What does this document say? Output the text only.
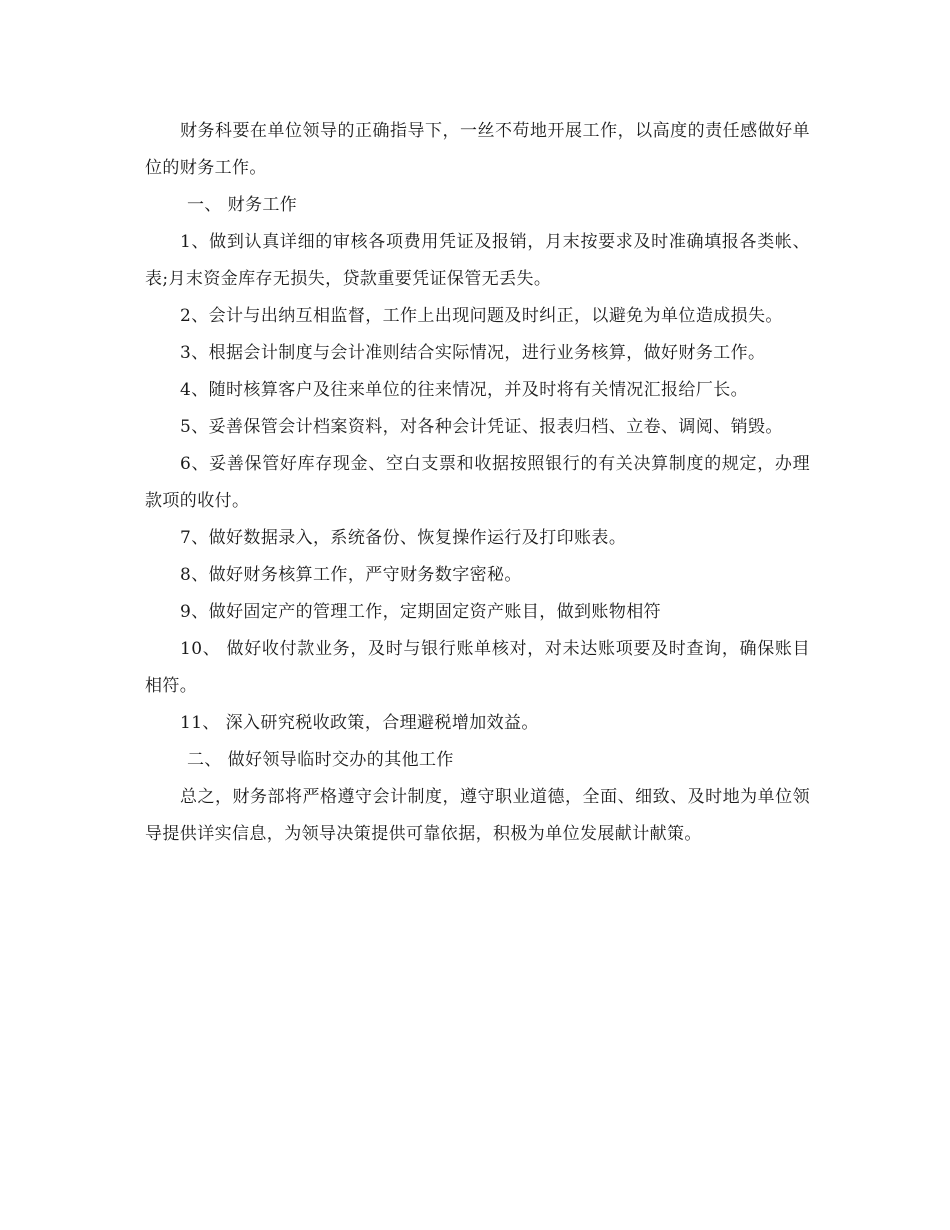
财务科要在单位领导的正确指导下，一丝不苟地开展工作，以高度的责任感做好单位的财务工作。

一、 财务工作

1、做到认真详细的审核各项费用凭证及报销，月末按要求及时准确填报各类帐、表;月末资金库存无损失，贷款重要凭证保管无丢失。

2、会计与出纳互相监督，工作上出现问题及时纠正，以避免为单位造成损失。

3、根据会计制度与会计准则结合实际情况，进行业务核算，做好财务工作。

4、随时核算客户及往来单位的往来情况，并及时将有关情况汇报给厂长。

5、妥善保管会计档案资料，对各种会计凭证、报表归档、立卷、调阅、销毁。

6、妥善保管好库存现金、空白支票和收据按照银行的有关决算制度的规定，办理款项的收付。

7、做好数据录入，系统备份、恢复操作运行及打印账表。

8、做好财务核算工作，严守财务数字密秘。

9、做好固定产的管理工作，定期固定资产账目，做到账物相符

10、 做好收付款业务，及时与银行账单核对，对未达账项要及时查询，确保账目相符。

11、 深入研究税收政策，合理避税增加效益。

二、 做好领导临时交办的其他工作

总之，财务部将严格遵守会计制度，遵守职业道德，全面、细致、及时地为单位领导提供详实信息，为领导决策提供可靠依据，积极为单位发展献计献策。
